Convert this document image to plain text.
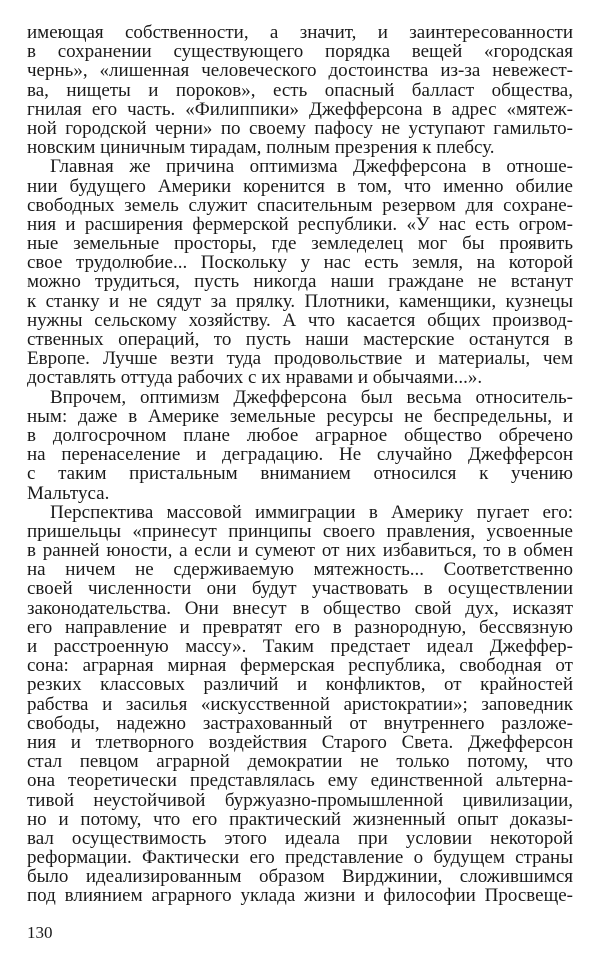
имеющая собственности, а значит, и заинтересованности
в сохранении существующего порядка вещей «городская
чернь», «лишенная человеческого достоинства из-за невежест-
ва, нищеты и пороков», есть опасный балласт общества,
гнилая его часть. «Филиппики» Джефферсона в адрес «мятеж-
ной городской черни» по своему пафосу не уступают гамильто-
новским циничным тирадам, полным презрения к плебсу.
Главная же причина оптимизма Джефферсона в отноше-
нии будущего Америки коренится в том, что именно обилие
свободных земель служит спасительным резервом для сохране-
ния и расширения фермерской республики. «У нас есть огром-
ные земельные просторы, где земледелец мог бы проявить
свое трудолюбие... Поскольку у нас есть земля, на которой
можно трудиться, пусть никогда наши граждане не встанут
к станку и не сядут за прялку. Плотники, каменщики, кузнецы
нужны сельскому хозяйству. А что касается общих производ-
ственных операций, то пусть наши мастерские останутся в
Европе. Лучше везти туда продовольствие и материалы, чем
доставлять оттуда рабочих с их нравами и обычаями...».
Впрочем, оптимизм Джефферсона был весьма относитель-
ным: даже в Америке земельные ресурсы не беспредельны, и
в долгосрочном плане любое аграрное общество обречено
на перенаселение и деградацию. Не случайно Джефферсон
с таким пристальным вниманием относился к учению
Мальтуса.
Перспектива массовой иммиграции в Америку пугает его:
пришельцы «принесут принципы своего правления, усвоенные
в ранней юности, а если и сумеют от них избавиться, то в обмен
на ничем не сдерживаемую мятежность... Соответственно
своей численности они будут участвовать в осуществлении
законодательства. Они внесут в общество свой дух, исказят
его направление и превратят его в разнородную, бессвязную
и расстроенную массу». Таким предстает идеал Джеффер-
сона: аграрная мирная фермерская республика, свободная от
резких классовых различий и конфликтов, от крайностей
рабства и засилья «искусственной аристократии»; заповедник
свободы, надежно застрахованный от внутреннего разложе-
ния и тлетворного воздействия Старого Света. Джефферсон
стал певцом аграрной демократии не только потому, что
она теоретически представлялась ему единственной альтерна-
тивой неустойчивой буржуазно-промышленной цивилизации,
но и потому, что его практический жизненный опыт доказы-
вал осуществимость этого идеала при условии некоторой
реформации. Фактически его представление о будущем страны
было идеализированным образом Вирджинии, сложившимся
под влиянием аграрного уклада жизни и философии Просвеще-
130
